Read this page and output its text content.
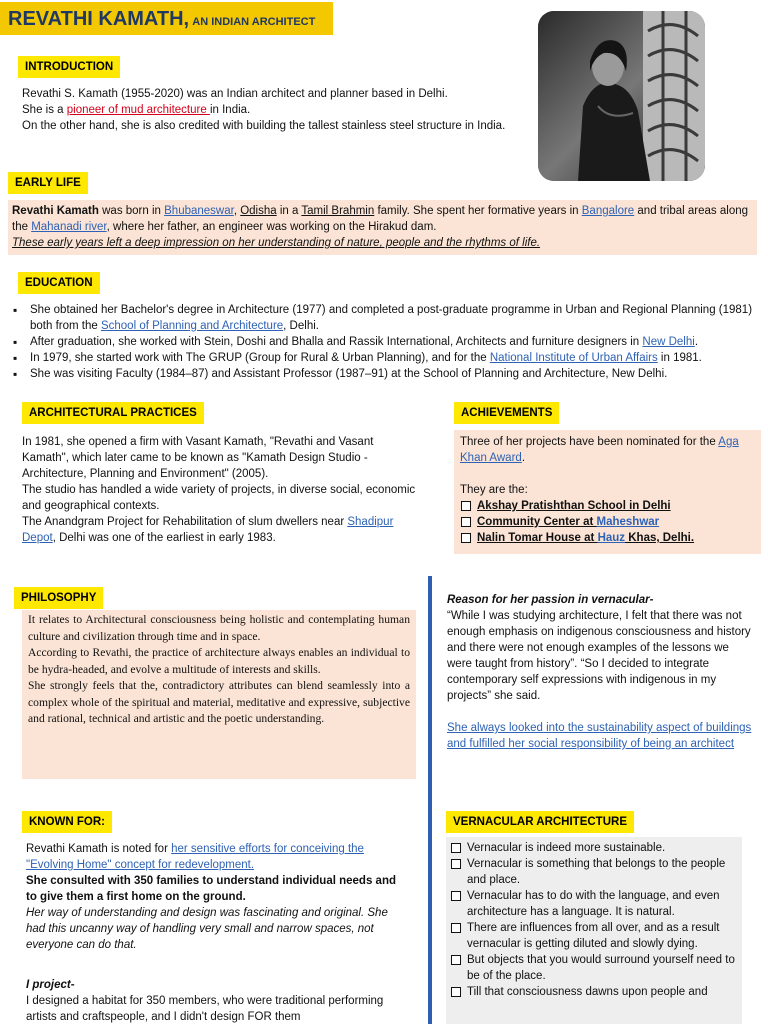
REVATHI KAMATH, AN INDIAN ARCHITECT
INTRODUCTION
Revathi S. Kamath (1955-2020) was an Indian architect and planner based in Delhi.
She is a pioneer of mud architecture in India.
On the other hand, she is also credited with building the tallest stainless steel structure in India.
EARLY LIFE
Revathi Kamath was born in Bhubaneswar, Odisha in a Tamil Brahmin family. She spent her formative years in Bangalore and tribal areas along the Mahanadi river, where her father, an engineer was working on the Hirakud dam.
These early years left a deep impression on her understanding of nature, people and the rhythms of life.
EDUCATION
▪ She obtained her Bachelor's degree in Architecture (1977) and completed a post-graduate programme in Urban and Regional Planning (1981) both from the School of Planning and Architecture, Delhi.
▪ After graduation, she worked with Stein, Doshi and Bhalla and Rassik International, Architects and furniture designers in New Delhi.
▪ In 1979, she started work with The GRUP (Group for Rural & Urban Planning), and for the National Institute of Urban Affairs in 1981.
▪ She was visiting Faculty (1984–87) and Assistant Professor (1987–91) at the School of Planning and Architecture, New Delhi.
ARCHITECTURAL PRACTICES
In 1981, she opened a firm with Vasant Kamath, "Revathi and Vasant Kamath", which later came to be known as "Kamath Design Studio - Architecture, Planning and Environment" (2005).
The studio has handled a wide variety of projects, in diverse social, economic and geographical contexts.
The Anandgram Project for Rehabilitation of slum dwellers near Shadipur Depot, Delhi was one of the earliest in early 1983.
ACHIEVEMENTS
Three of her projects have been nominated for the Aga Khan Award.
They are the:
Akshay Pratishthan School in Delhi
Community Center at Maheshwar
Nalin Tomar House at Hauz Khas, Delhi.
PHILOSOPHY
It relates to Architectural consciousness being holistic and contemplating human culture and civilization through time and in space.
According to Revathi, the practice of architecture always enables an individual to be hydra-headed, and evolve a multitude of interests and skills.
She strongly feels that the, contradictory attributes can blend seamlessly into a complex whole of the spiritual and material, meditative and expressive, subjective and rational, technical and artistic and the poetic understanding.
Reason for her passion in vernacular-
“While I was studying architecture, I felt that there was not enough emphasis on indigenous consciousness and history and there were not enough examples of the lessons we were taught from history”. “So I decided to integrate contemporary self expressions with indigenous in my projects” she said.
She always looked into the sustainability aspect of buildings and fulfilled her social responsibility of being an architect
KNOWN FOR:
Revathi Kamath is noted for her sensitive efforts for conceiving the "Evolving Home" concept for redevelopment.
She consulted with 350 families to understand individual needs and to give them a first home on the ground.
Her way of understanding and design was fascinating and original. She had this uncanny way of handling very small and narrow spaces, not everyone can do that.
I project-
I designed a habitat for 350 members, who were traditional performing artists and craftspeople, and I didn't design FOR them
VERNACULAR ARCHITECTURE
Vernacular is indeed more sustainable.
Vernacular is something that belongs to the people and place.
Vernacular has to do with the language, and even architecture has a language. It is natural.
There are influences from all over, and as a result vernacular is getting diluted and slowly dying.
But objects that you would surround yourself need to be of the place.
Till that consciousness dawns upon people and
